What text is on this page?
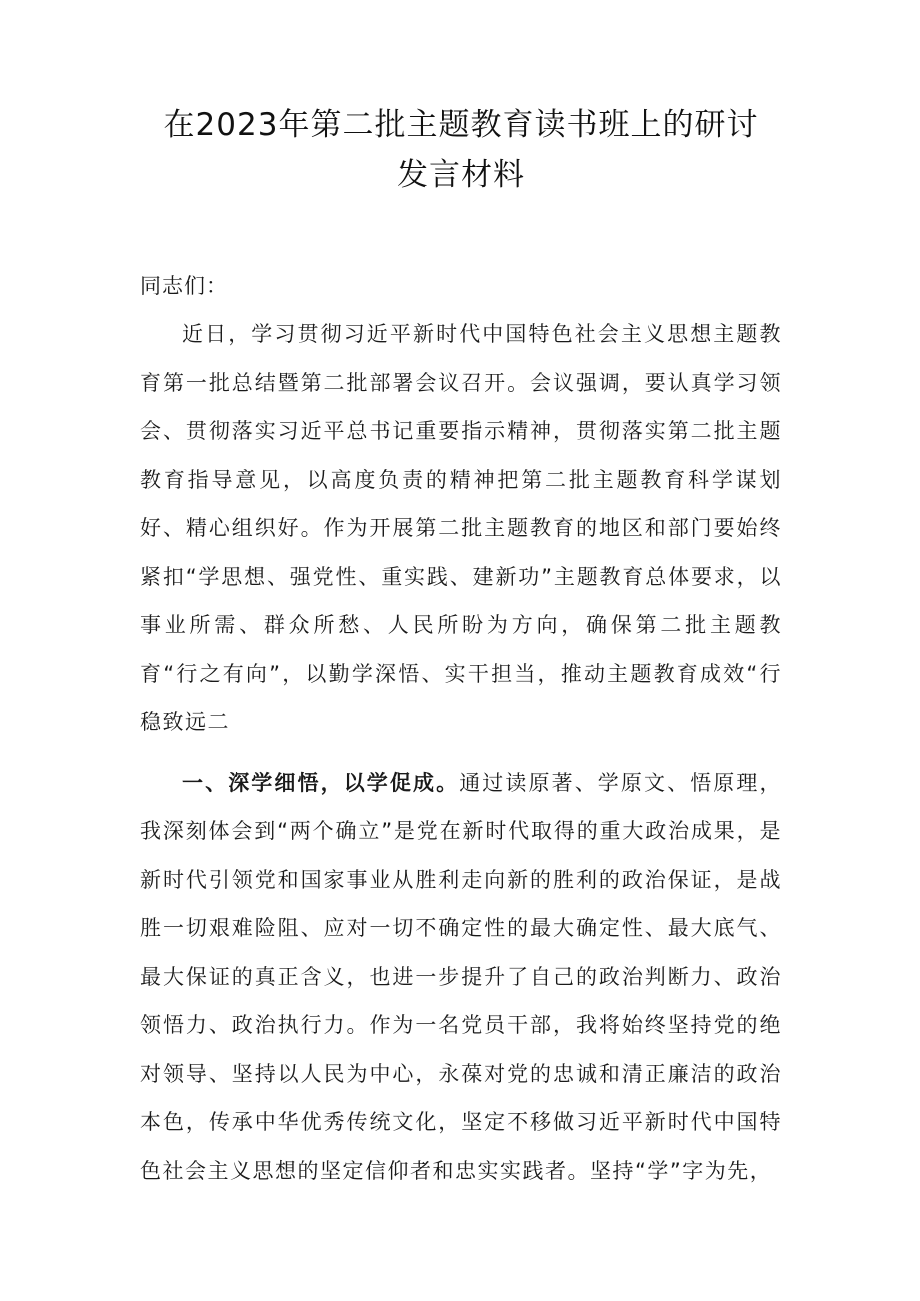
在2023年第二批主题教育读书班上的研讨
发言材料

同志们：

近日，学习贯彻习近平新时代中国特色社会主义思想主题教育第一批总结暨第二批部署会议召开。会议强调，要认真学习领会、贯彻落实习近平总书记重要指示精神，贯彻落实第二批主题教育指导意见，以高度负责的精神把第二批主题教育科学谋划好、精心组织好。作为开展第二批主题教育的地区和部门要始终紧扣“学思想、强党性、重实践、建新功”主题教育总体要求，以事业所需、群众所愁、人民所盼为方向，确保第二批主题教育“行之有向”，以勤学深悟、实干担当，推动主题教育成效“行稳致远二

一、深学细悟，以学促成。通过读原著、学原文、悟原理，我深刻体会到“两个确立”是党在新时代取得的重大政治成果，是新时代引领党和国家事业从胜利走向新的胜利的政治保证，是战胜一切艰难险阻、应对一切不确定性的最大确定性、最大底气、最大保证的真正含义，也进一步提升了自己的政治判断力、政治领悟力、政治执行力。作为一名党员干部，我将始终坚持党的绝对领导、坚持以人民为中心，永葆对党的忠诚和清正廉洁的政治本色，传承中华优秀传统文化，坚定不移做习近平新时代中国特色社会主义思想的坚定信仰者和忠实实践者。坚持“学”字为先，
